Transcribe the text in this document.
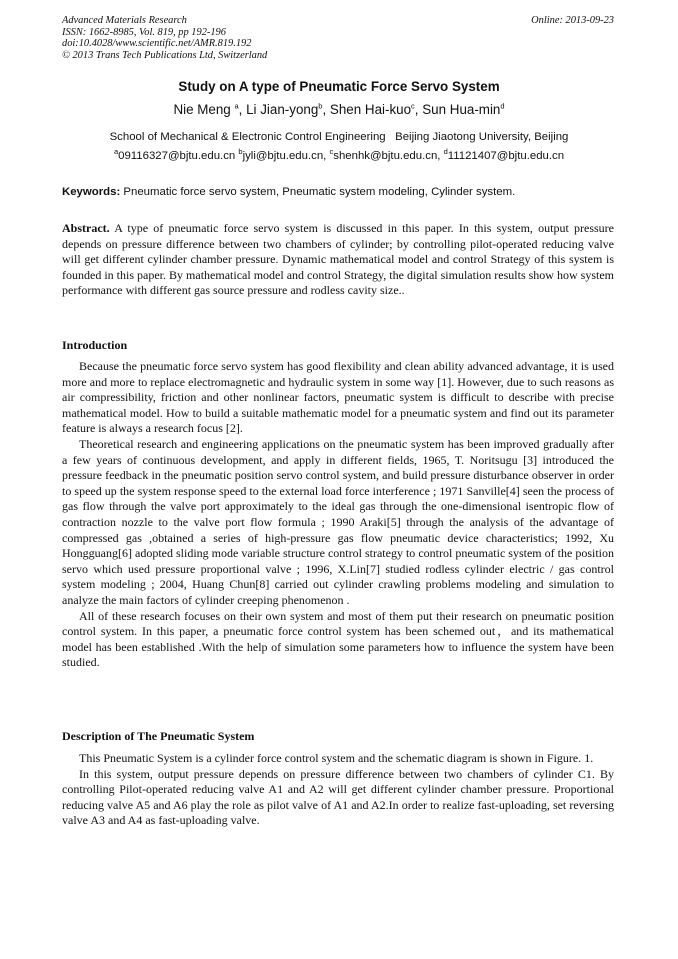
Advanced Materials Research
ISSN: 1662-8985, Vol. 819, pp 192-196
doi:10.4028/www.scientific.net/AMR.819.192
© 2013 Trans Tech Publications Ltd, Switzerland
Online: 2013-09-23
Study on A type of Pneumatic Force Servo System
Nie Meng $^a$, Li Jian-yong$^b$, Shen Hai-kuo$^c$, Sun Hua-$\min^d$
School of Mechanical & Electronic Control Engineering   Beijing Jiaotong University, Beijing
$^a$09116327@bjtu.edu.cn $^b$jyli@bjtu.edu.cn, $^c$shenhk@bjtu.edu.cn, $^d$11121407@bjtu.edu.cn
Keywords: Pneumatic force servo system, Pneumatic system modeling, Cylinder system.

Abstract. A type of pneumatic force servo system is discussed in this paper. In this system, output pressure depends on pressure difference between two chambers of cylinder; by controlling pilot-operated reducing valve will get different cylinder chamber pressure. Dynamic mathematical model and control Strategy of this system is founded in this paper. By mathematical model and control Strategy, the digital simulation results show how system performance with different gas source pressure and rodless cavity size..

Introduction

Because the pneumatic force servo system has good flexibility and clean ability advanced advantage, it is used more and more to replace electromagnetic and hydraulic system in some way [1]. However, due to such reasons as air compressibility, friction and other nonlinear factors, pneumatic system is difficult to describe with precise mathematical model. How to build a suitable mathematic model for a pneumatic system and find out its parameter feature is always a research focus [2].

Theoretical research and engineering applications on the pneumatic system has been improved gradually after a few years of continuous development, and apply in different fields, 1965, T. Noritsugu [3] introduced the pressure feedback in the pneumatic position servo control system, and build pressure disturbance observer in order to speed up the system response speed to the external load force interference ; 1971 Sanville[4] seen the process of gas flow through the valve port approximately to the ideal gas through the one-dimensional isentropic flow of contraction nozzle to the valve port flow formula ; 1990 Araki[5] through the analysis of the advantage of compressed gas ,obtained a series of high-pressure gas flow pneumatic device characteristics; 1992, Xu Hongguang[6] adopted sliding mode variable structure control strategy to control pneumatic system of the position servo which used pressure proportional valve ; 1996, X.Lin[7] studied rodless cylinder electric / gas control system modeling ; 2004, Huang Chun[8] carried out cylinder crawling problems modeling and simulation to analyze the main factors of cylinder creeping phenomenon .

All of these research focuses on their own system and most of them put their research on pneumatic position control system. In this paper, a pneumatic force control system has been schemed out，and its mathematical model has been established .With the help of simulation some parameters how to influence the system have been studied.

Description of The Pneumatic System

This Pneumatic System is a cylinder force control system and the schematic diagram is shown in Figure. 1.

In this system, output pressure depends on pressure difference between two chambers of cylinder C1. By controlling Pilot-operated reducing valve A1 and A2 will get different cylinder chamber pressure. Proportional reducing valve A5 and A6 play the role as pilot valve of A1 and A2.In order to realize fast-uploading, set reversing valve A3 and A4 as fast-uploading valve.
